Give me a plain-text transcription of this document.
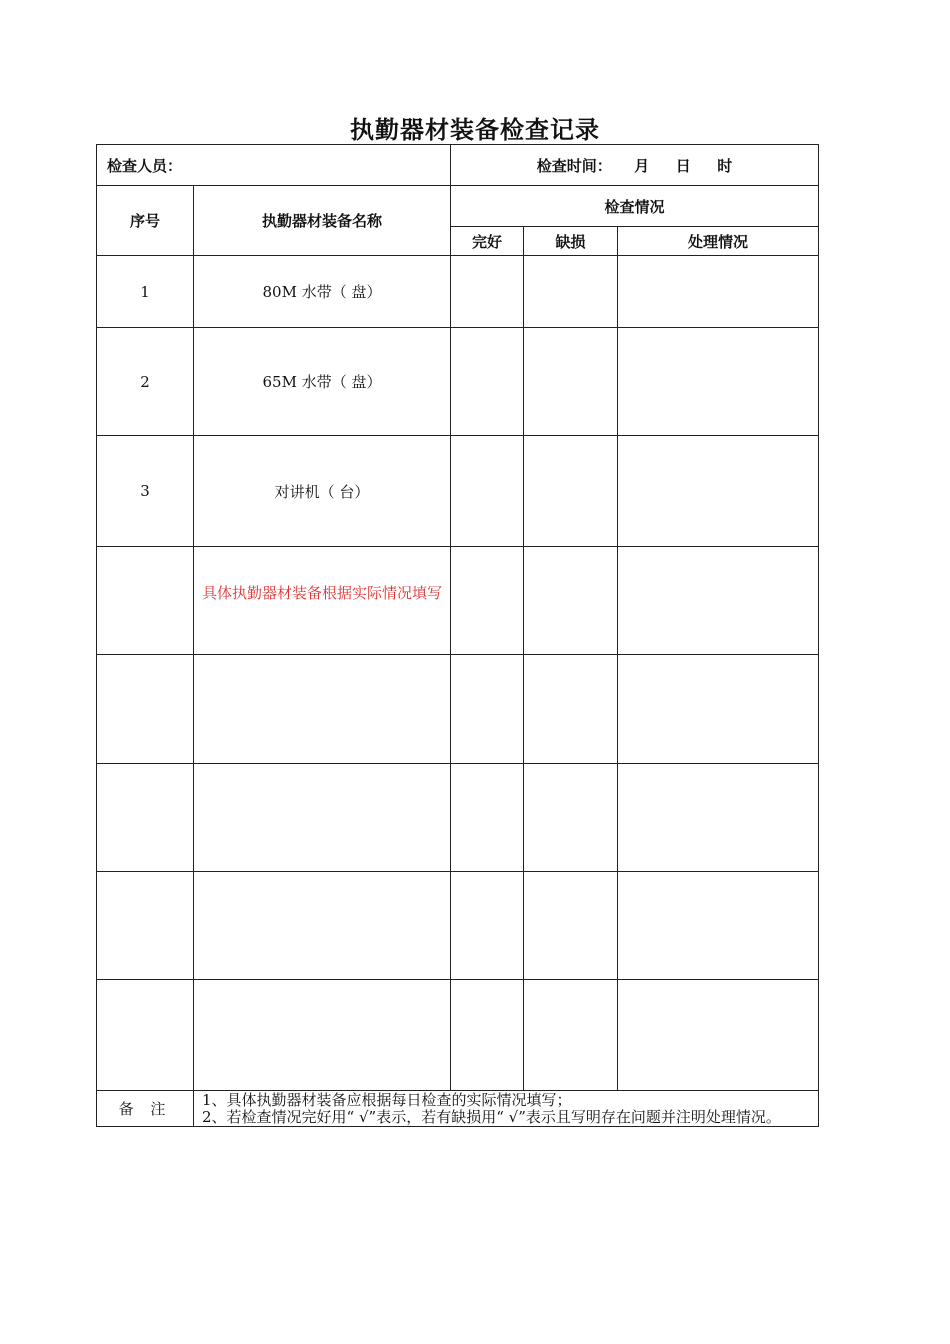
执勤器材装备检查记录
检查人员：		检查时间： 月 日 时		
序号	执勤器材装备名称	检查情况		
		完好	缺损	处理情况
1	80M 水带（ 盘）			
2	65M 水带（ 盘）			
3	对讲机（ 台）			

	具体执勤器材装备根据实际情况填写			

备 注	1、具体执勤器材装备应根据每日检查的实际情况填写；
2、若检查情况完好用“ √”表示，若有缺损用“ √”表示且写明存在问题并注明处理情况。			
